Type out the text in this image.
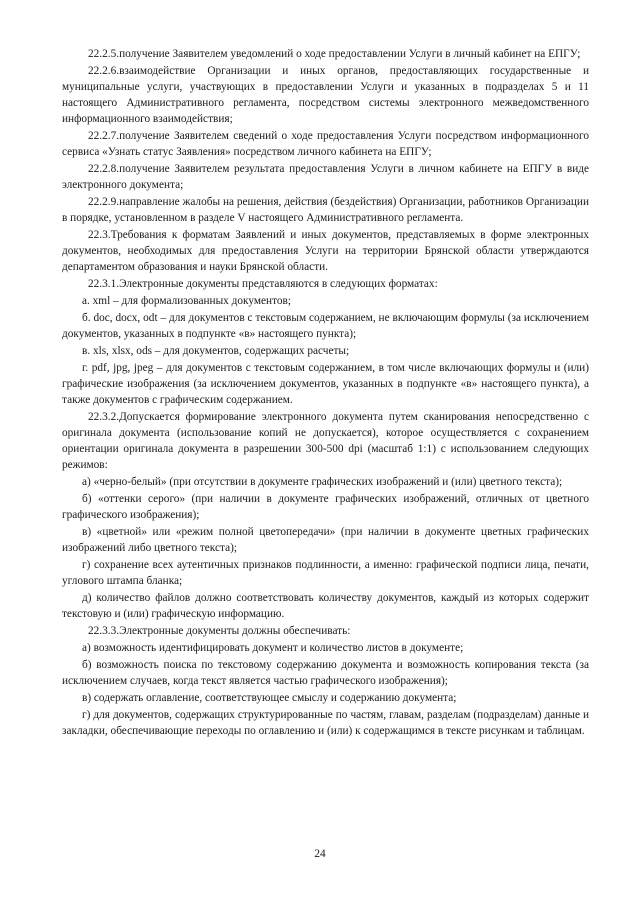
22.2.5.получение Заявителем уведомлений о ходе предоставлении Услуги в личный кабинет на ЕПГУ;

22.2.6.взаимодействие Организации и иных органов, предоставляющих государственные и муниципальные услуги, участвующих в предоставлении Услуги и указанных в подразделах 5 и 11 настоящего Административного регламента, посредством системы электронного межведомственного информационного взаимодействия;

22.2.7.получение Заявителем сведений о ходе предоставления Услуги посредством информационного сервиса «Узнать статус Заявления» посредством личного кабинета на ЕПГУ;

22.2.8.получение Заявителем результата предоставления Услуги в личном кабинете на ЕПГУ в виде электронного документа;

22.2.9.направление жалобы на решения, действия (бездействия) Организации, работников Организации в порядке, установленном в разделе V настоящего Административного регламента.

22.3.Требования к форматам Заявлений и иных документов, представляемых в форме электронных документов, необходимых для предоставления Услуги на территории Брянской области утверждаются департаментом образования и науки Брянской области.

22.3.1.Электронные документы представляются в следующих форматах:

а. xml – для формализованных документов;

б. doc, docx, odt – для документов с текстовым содержанием, не включающим формулы (за исключением документов, указанных в подпункте «в» настоящего пункта);

в. xls, xlsx, ods – для документов, содержащих расчеты;

г. pdf, jpg, jpeg – для документов с текстовым содержанием, в том числе включающих формулы и (или) графические изображения (за исключением документов, указанных в подпункте «в» настоящего пункта), а также документов с графическим содержанием.

22.3.2.Допускается формирование электронного документа путем сканирования непосредственно с оригинала документа (использование копий не допускается), которое осуществляется с сохранением ориентации оригинала документа в разрешении 300-500 dpi (масштаб 1:1) с использованием следующих режимов:

а) «черно-белый» (при отсутствии в документе графических изображений и (или) цветного текста);

б) «оттенки серого» (при наличии в документе графических изображений, отличных от цветного графического изображения);

в) «цветной» или «режим полной цветопередачи» (при наличии в документе цветных графических изображений либо цветного текста);

г) сохранение всех аутентичных признаков подлинности, а именно: графической подписи лица, печати, углового штампа бланка;

д) количество файлов должно соответствовать количеству документов, каждый из которых содержит текстовую и (или) графическую информацию.

22.3.3.Электронные документы должны обеспечивать:

а) возможность идентифицировать документ и количество листов в документе;

б) возможность поиска по текстовому содержанию документа и возможность копирования текста (за исключением случаев, когда текст является частью графического изображения);

в) содержать оглавление, соответствующее смыслу и содержанию документа;

г) для документов, содержащих структурированные по частям, главам, разделам (подразделам) данные и закладки, обеспечивающие переходы по оглавлению и (или) к содержащимся в тексте рисункам и таблицам.

24
